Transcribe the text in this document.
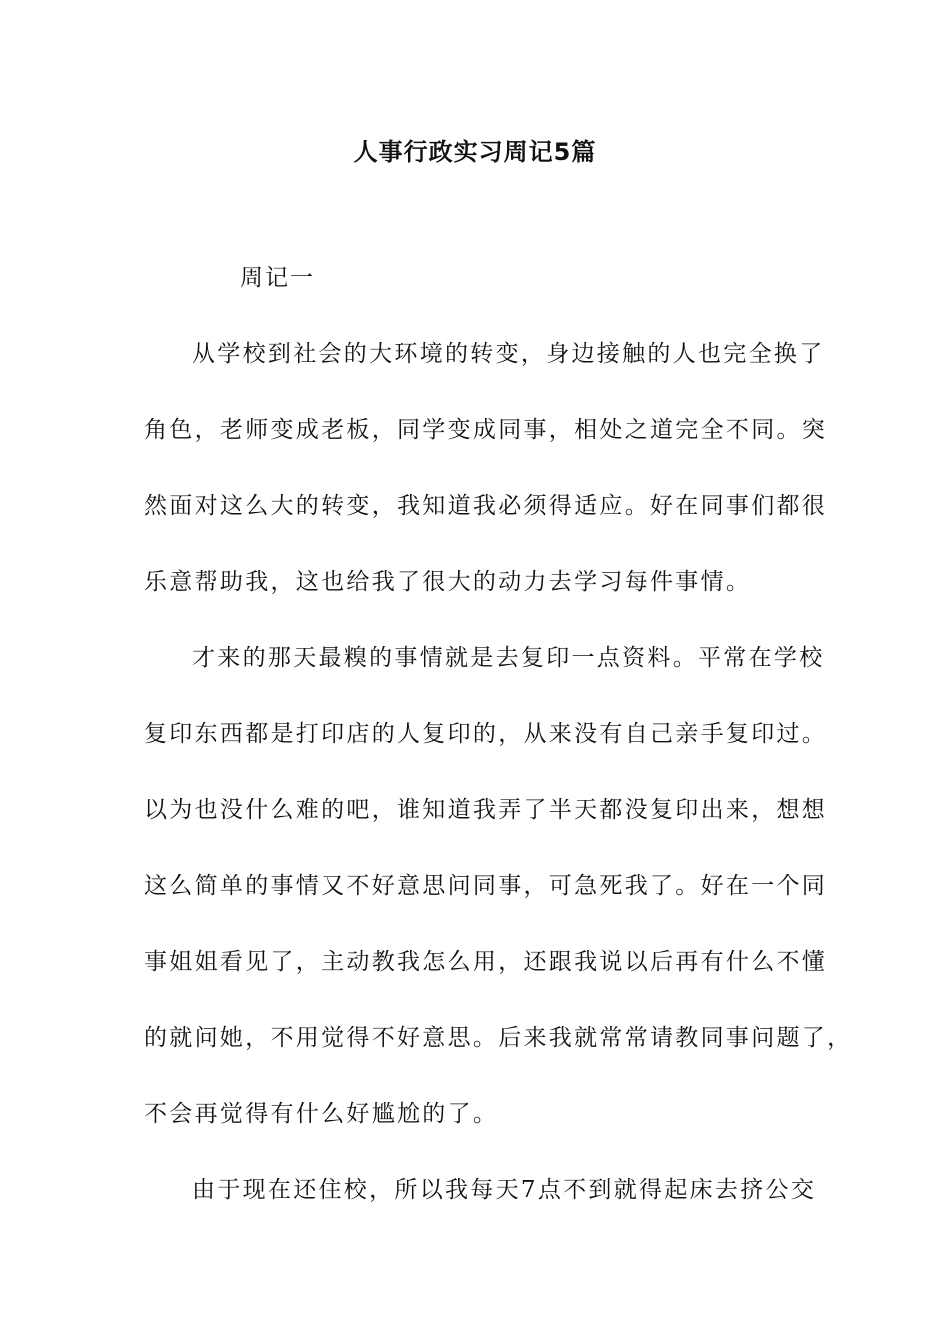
人事行政实习周记5篇
周记一
从学校到社会的大环境的转变，身边接触的人也完全换了
角色，老师变成老板，同学变成同事，相处之道完全不同。突
然面对这么大的转变，我知道我必须得适应。好在同事们都很
乐意帮助我，这也给我了很大的动力去学习每件事情。
才来的那天最糗的事情就是去复印一点资料。平常在学校
复印东西都是打印店的人复印的，从来没有自己亲手复印过。
以为也没什么难的吧，谁知道我弄了半天都没复印出来，想想
这么简单的事情又不好意思问同事，可急死我了。好在一个同
事姐姐看见了，主动教我怎么用，还跟我说以后再有什么不懂
的就问她，不用觉得不好意思。后来我就常常请教同事问题了，
不会再觉得有什么好尴尬的了。
由于现在还住校，所以我每天7点不到就得起床去挤公交
